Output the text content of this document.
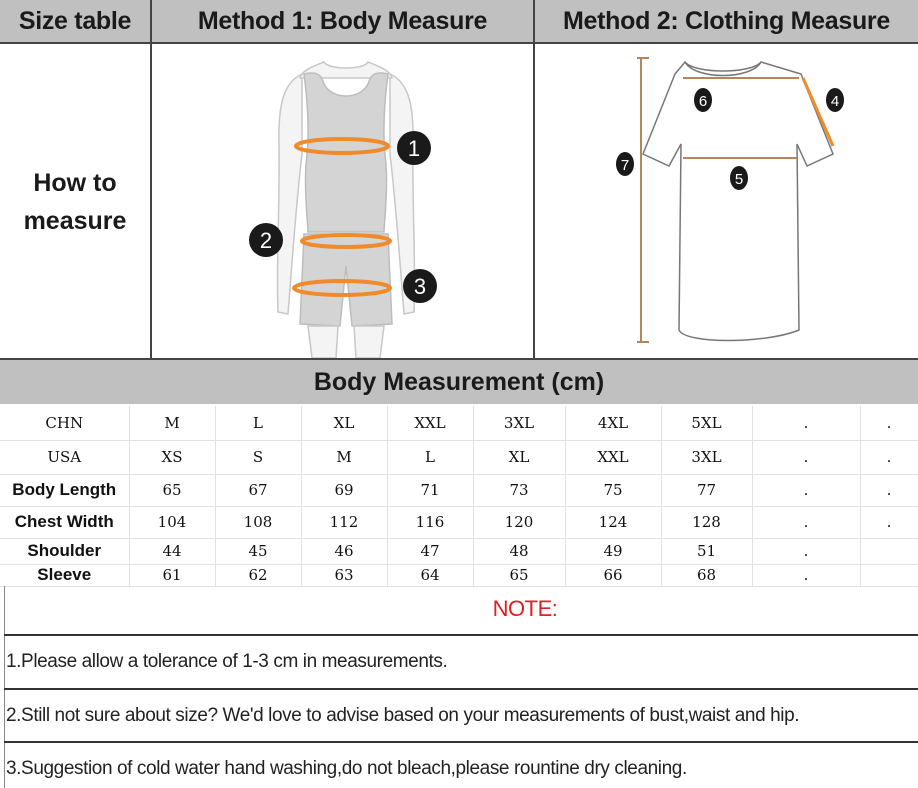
Size table	Method 1: Body Measure	Method 2: Clothing Measure
How to
measure
1
2
3
6	4
7
5
Body Measurement (cm)
CHN	M	L	XL	XXL	3XL	4XL	5XL	.	.
USA	XS	S	M	L	XL	XXL	3XL	.	.
Body Length	65	67	69	71	73	75	77	.	.
Chest Width	104	108	112	116	120	124	128	.	.
Shoulder	44	45	46	47	48	49	51	.	
Sleeve	61	62	63	64	65	66	68	.	
NOTE:
1.Please allow a tolerance of 1-3 cm in measurements.
2.Still not sure about size? We'd love to advise based on your measurements of bust,waist and hip.
3.Suggestion of cold water hand washing,do not bleach,please rountine dry cleaning.
